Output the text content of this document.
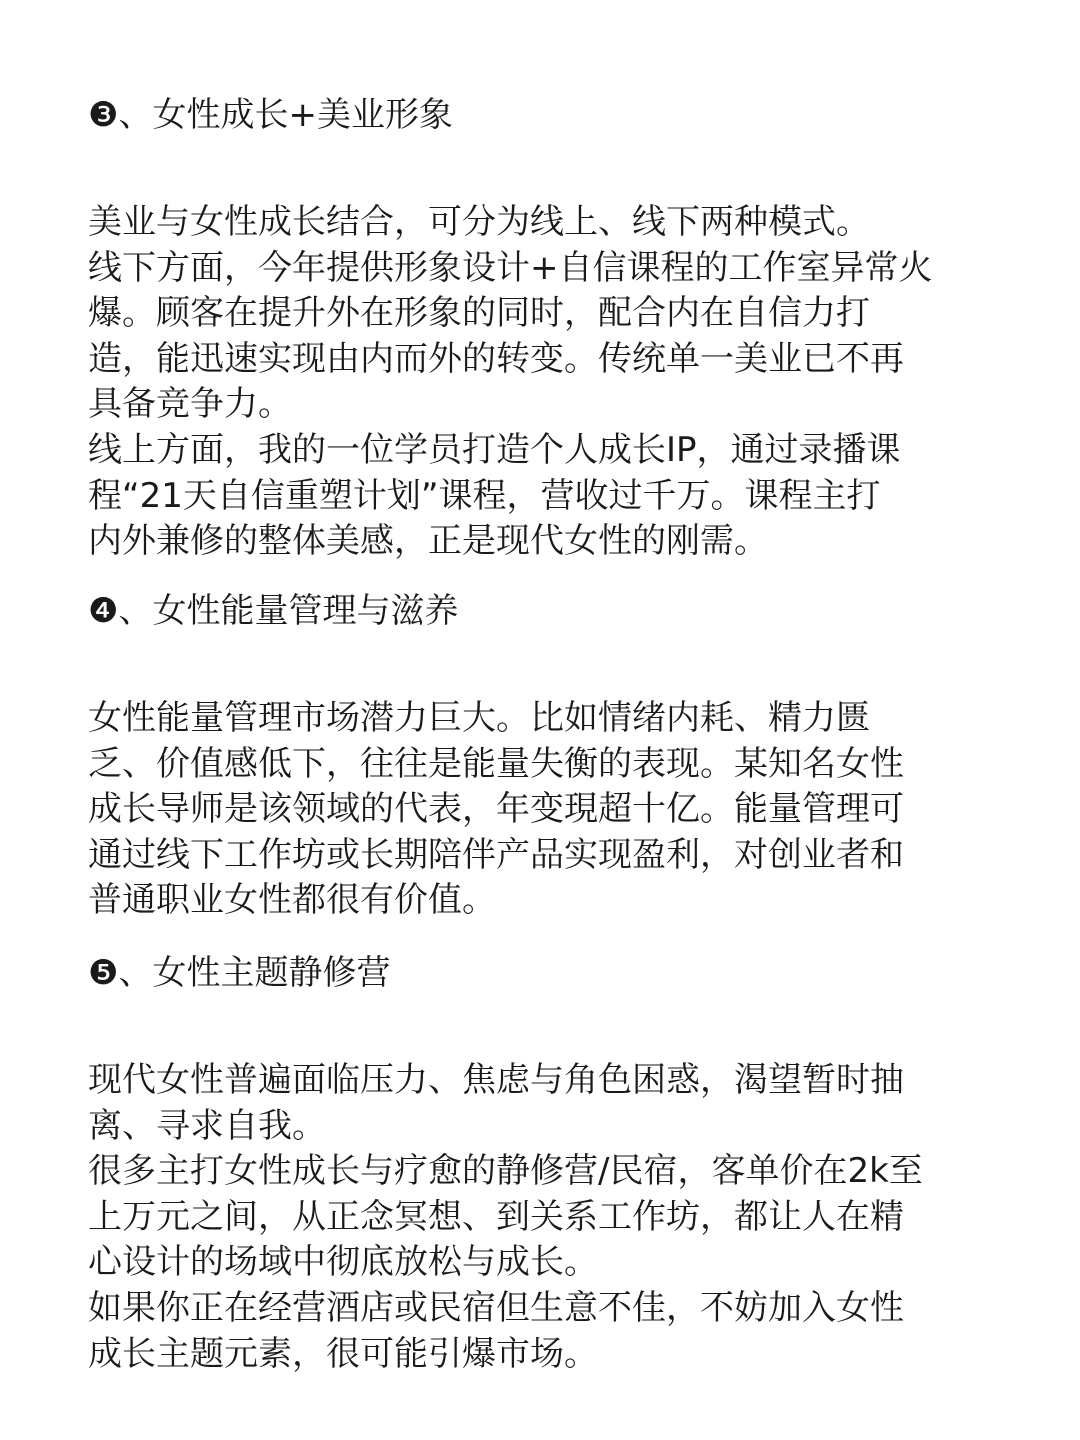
❸、女性成长+美业形象
美业与女性成长结合，可分为线上、线下两种模式。
线下方面，今年提供形象设计+自信课程的工作室异常火
爆。顾客在提升外在形象的同时，配合内在自信力打
造，能迅速实现由内而外的转变。传统单一美业已不再
具备竞争力。
线上方面，我的一位学员打造个人成长IP，通过录播课
程“21天自信重塑计划”课程，营收过千万。课程主打
内外兼修的整体美感，正是现代女性的刚需。
❹、女性能量管理与滋养
女性能量管理市场潜力巨大。比如情绪内耗、精力匮
乏、价值感低下，往往是能量失衡的表现。某知名女性
成长导师是该领域的代表，年变現超十亿。能量管理可
通过线下工作坊或长期陪伴产品实现盈利，对创业者和
普通职业女性都很有价值。
❺、女性主题静修营
现代女性普遍面临压力、焦虑与角色困惑，渴望暂时抽
离、寻求自我。
很多主打女性成长与疗愈的静修营/民宿，客单价在2k至
上万元之间，从正念冥想、到关系工作坊，都让人在精
心设计的场域中彻底放松与成长。
如果你正在经营酒店或民宿但生意不佳，不妨加入女性
成长主题元素，很可能引爆市场。
